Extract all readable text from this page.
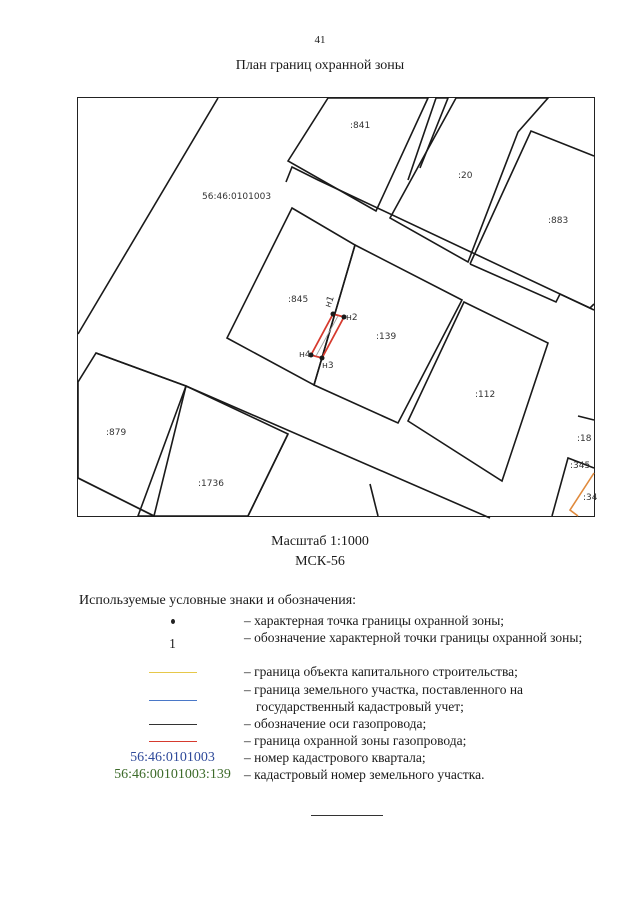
41
План границ охранной зоны
н1
н2
н3
н4
56:46:0101003
:841
:20
:883
:845
:139
:112
:879
:1736
:18
:345
:34
Масштаб 1:1000
МСК-56
Используемые условные знаки и обозначения:
– характерная точка границы охранной зоны;
1	– обозначение характерной точки границы охранной зоны;
– граница объекта капитального строительства;
– граница земельного участка, поставленного на государственный кадастровый учет;
– обозначение оси газопровода;
– граница охранной зоны газопровода;
56:46:0101003	– номер кадастрового квартала;
56:46:00101003:139 – кадастровый номер земельного участка.
